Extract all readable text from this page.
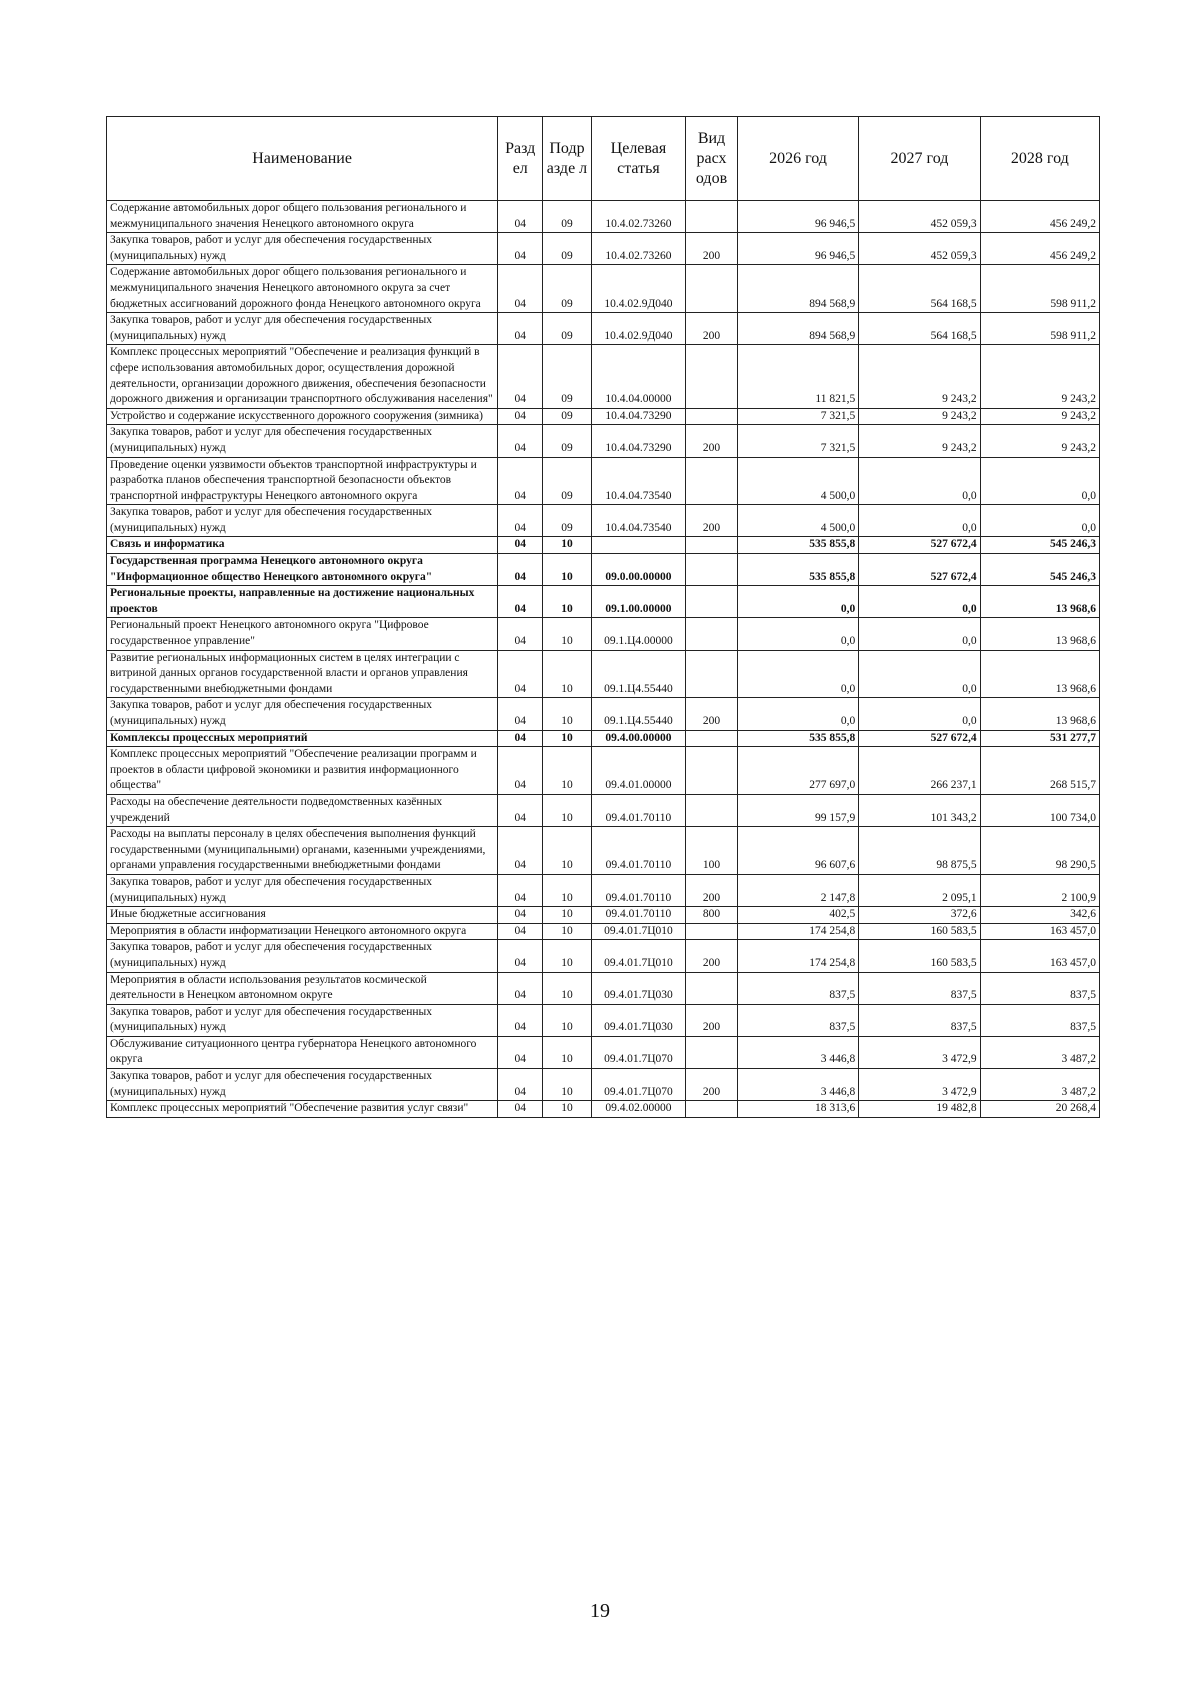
Наименование	Разд ел	Подр азде л	Целевая статья	Вид расх одов	2026 год	2027 год	2028 год
Содержание автомобильных дорог общего пользования регионального и межмуниципального значения Ненецкого автономного округа	04	09	10.4.02.73260		96 946,5	452 059,3	456 249,2
Закупка товаров, работ и услуг для обеспечения государственных (муниципальных) нужд	04	09	10.4.02.73260	200	96 946,5	452 059,3	456 249,2
Содержание автомобильных дорог общего пользования регионального и межмуниципального значения Ненецкого автономного округа за счет бюджетных ассигнований дорожного фонда Ненецкого автономного округа	04	09	10.4.02.9Д040		894 568,9	564 168,5	598 911,2
Закупка товаров, работ и услуг для обеспечения государственных (муниципальных) нужд	04	09	10.4.02.9Д040	200	894 568,9	564 168,5	598 911,2
Комплекс процессных мероприятий "Обеспечение и реализация функций в сфере использования автомобильных дорог, осуществления дорожной деятельности, организации дорожного движения, обеспечения безопасности дорожного движения и организации транспортного обслуживания населения"	04	09	10.4.04.00000		11 821,5	9 243,2	9 243,2
Устройство и содержание искусственного дорожного сооружения (зимника)	04	09	10.4.04.73290		7 321,5	9 243,2	9 243,2
Закупка товаров, работ и услуг для обеспечения государственных (муниципальных) нужд	04	09	10.4.04.73290	200	7 321,5	9 243,2	9 243,2
Проведение оценки уязвимости объектов транспортной инфраструктуры и разработка планов обеспечения транспортной безопасности объектов транспортной инфраструктуры Ненецкого автономного округа	04	09	10.4.04.73540		4 500,0	0,0	0,0
Закупка товаров, работ и услуг для обеспечения государственных (муниципальных) нужд	04	09	10.4.04.73540	200	4 500,0	0,0	0,0
Связь и информатика	04	10			535 855,8	527 672,4	545 246,3
Государственная программа Ненецкого автономного округа "Информационное общество Ненецкого автономного округа"	04	10	09.0.00.00000		535 855,8	527 672,4	545 246,3
Региональные проекты, направленные на достижение национальных проектов	04	10	09.1.00.00000		0,0	0,0	13 968,6
Региональный проект Ненецкого автономного округа "Цифровое государственное управление"	04	10	09.1.Ц4.00000		0,0	0,0	13 968,6
Развитие региональных информационных систем в целях интеграции с витриной данных органов государственной власти и органов управления государственными внебюджетными фондами	04	10	09.1.Ц4.55440		0,0	0,0	13 968,6
Закупка товаров, работ и услуг для обеспечения государственных (муниципальных) нужд	04	10	09.1.Ц4.55440	200	0,0	0,0	13 968,6
Комплексы процессных мероприятий	04	10	09.4.00.00000		535 855,8	527 672,4	531 277,7
Комплекс процессных мероприятий "Обеспечение реализации программ и проектов в области цифровой экономики и развития информационного общества"	04	10	09.4.01.00000		277 697,0	266 237,1	268 515,7
Расходы на обеспечение деятельности подведомственных казённых учреждений	04	10	09.4.01.70110		99 157,9	101 343,2	100 734,0
Расходы на выплаты персоналу в целях обеспечения выполнения функций государственными (муниципальными) органами, казенными учреждениями, органами управления государственными внебюджетными фондами	04	10	09.4.01.70110	100	96 607,6	98 875,5	98 290,5
Закупка товаров, работ и услуг для обеспечения государственных (муниципальных) нужд	04	10	09.4.01.70110	200	2 147,8	2 095,1	2 100,9
Иные бюджетные ассигнования	04	10	09.4.01.70110	800	402,5	372,6	342,6
Мероприятия в области информатизации Ненецкого автономного округа	04	10	09.4.01.7Ц010		174 254,8	160 583,5	163 457,0
Закупка товаров, работ и услуг для обеспечения государственных (муниципальных) нужд	04	10	09.4.01.7Ц010	200	174 254,8	160 583,5	163 457,0
Мероприятия в области использования результатов космической деятельности в Ненецком автономном округе	04	10	09.4.01.7Ц030		837,5	837,5	837,5
Закупка товаров, работ и услуг для обеспечения государственных (муниципальных) нужд	04	10	09.4.01.7Ц030	200	837,5	837,5	837,5
Обслуживание ситуационного центра губернатора Ненецкого автономного округа	04	10	09.4.01.7Ц070		3 446,8	3 472,9	3 487,2
Закупка товаров, работ и услуг для обеспечения государственных (муниципальных) нужд	04	10	09.4.01.7Ц070	200	3 446,8	3 472,9	3 487,2
Комплекс процессных мероприятий "Обеспечение развития услуг связи"	04	10	09.4.02.00000		18 313,6	19 482,8	20 268,4
19
